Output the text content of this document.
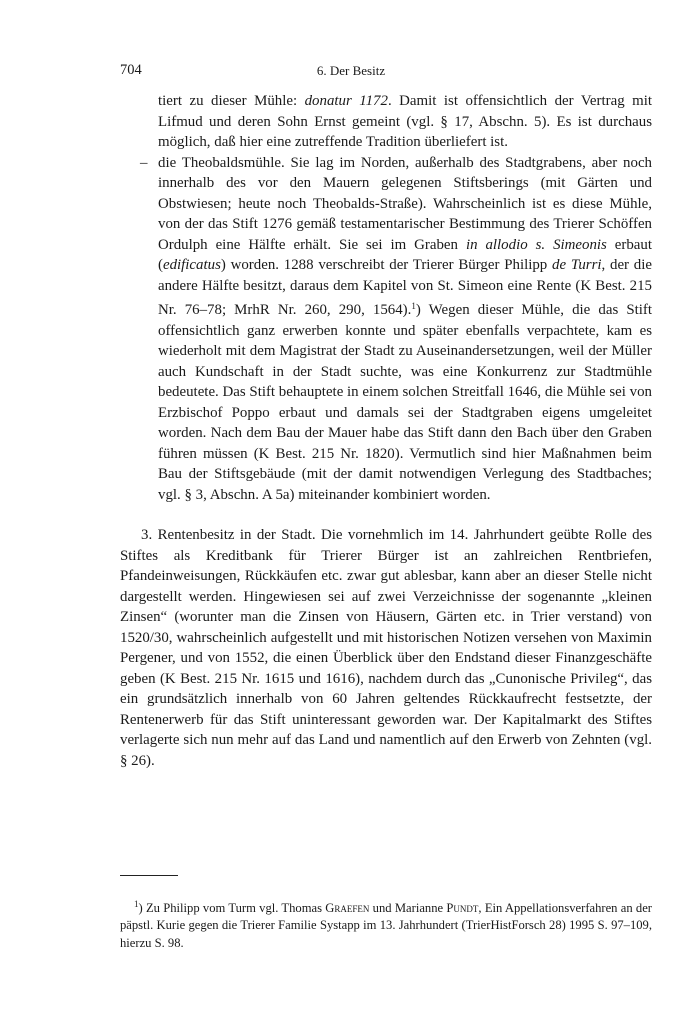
704	6. Der Besitz

tiert zu dieser Mühle: donatur 1172. Damit ist offensichtlich der Vertrag mit Lifmud und deren Sohn Ernst gemeint (vgl. § 17, Abschn. 5). Es ist durchaus möglich, daß hier eine zutreffende Tradition überliefert ist.

– die Theobaldsmühle. Sie lag im Norden, außerhalb des Stadtgrabens, aber noch innerhalb des vor den Mauern gelegenen Stiftsberings (mit Gärten und Obstwiesen; heute noch Theobalds-Straße). Wahrscheinlich ist es diese Mühle, von der das Stift 1276 gemäß testamentarischer Bestimmung des Trierer Schöffen Ordulph eine Hälfte erhält. Sie sei im Graben in allodio s. Simeonis erbaut (edificatus) worden. 1288 verschreibt der Trierer Bürger Philipp de Turri, der die andere Hälfte besitzt, daraus dem Kapitel von St. Simeon eine Rente (K Best. 215 Nr. 76–78; MrhR Nr. 260, 290, 1564).$^1$) Wegen dieser Mühle, die das Stift offensichtlich ganz erwerben konnte und später ebenfalls verpachtete, kam es wiederholt mit dem Magistrat der Stadt zu Auseinandersetzungen, weil der Müller auch Kundschaft in der Stadt suchte, was eine Konkurrenz zur Stadtmühle bedeutete. Das Stift behauptete in einem solchen Streitfall 1646, die Mühle sei von Erzbischof Poppo erbaut und damals sei der Stadtgraben eigens umgeleitet worden. Nach dem Bau der Mauer habe das Stift dann den Bach über den Graben führen müssen (K Best. 215 Nr. 1820). Vermutlich sind hier Maßnahmen beim Bau der Stiftsgebäude (mit der damit notwendigen Verlegung des Stadtbaches; vgl. § 3, Abschn. A 5a) miteinander kombiniert worden.

3. Rentenbesitz in der Stadt. Die vornehmlich im 14. Jahrhundert geübte Rolle des Stiftes als Kreditbank für Trierer Bürger ist an zahlreichen Rentbriefen, Pfandeinweisungen, Rückkäufen etc. zwar gut ablesbar, kann aber an dieser Stelle nicht dargestellt werden. Hingewiesen sei auf zwei Verzeichnisse der sogenannte „kleinen Zinsen“ (worunter man die Zinsen von Häusern, Gärten etc. in Trier verstand) von 1520/30, wahrscheinlich aufgestellt und mit historischen Notizen versehen von Maximin Pergener, und von 1552, die einen Überblick über den Endstand dieser Finanzgeschäfte geben (K Best. 215 Nr. 1615 und 1616), nachdem durch das „Cunonische Privileg“, das ein grundsätzlich innerhalb von 60 Jahren geltendes Rückkaufrecht festsetzte, der Rentenerwerb für das Stift uninteressant geworden war. Der Kapitalmarkt des Stiftes verlagerte sich nun mehr auf das Land und namentlich auf den Erwerb von Zehnten (vgl. § 26).

$^1$) Zu Philipp vom Turm vgl. Thomas Graefen und Marianne Pundt, Ein Appellationsverfahren an der päpstl. Kurie gegen die Trierer Familie Systapp im 13. Jahrhundert (TrierHistForsch 28) 1995 S. 97–109, hierzu S. 98.
